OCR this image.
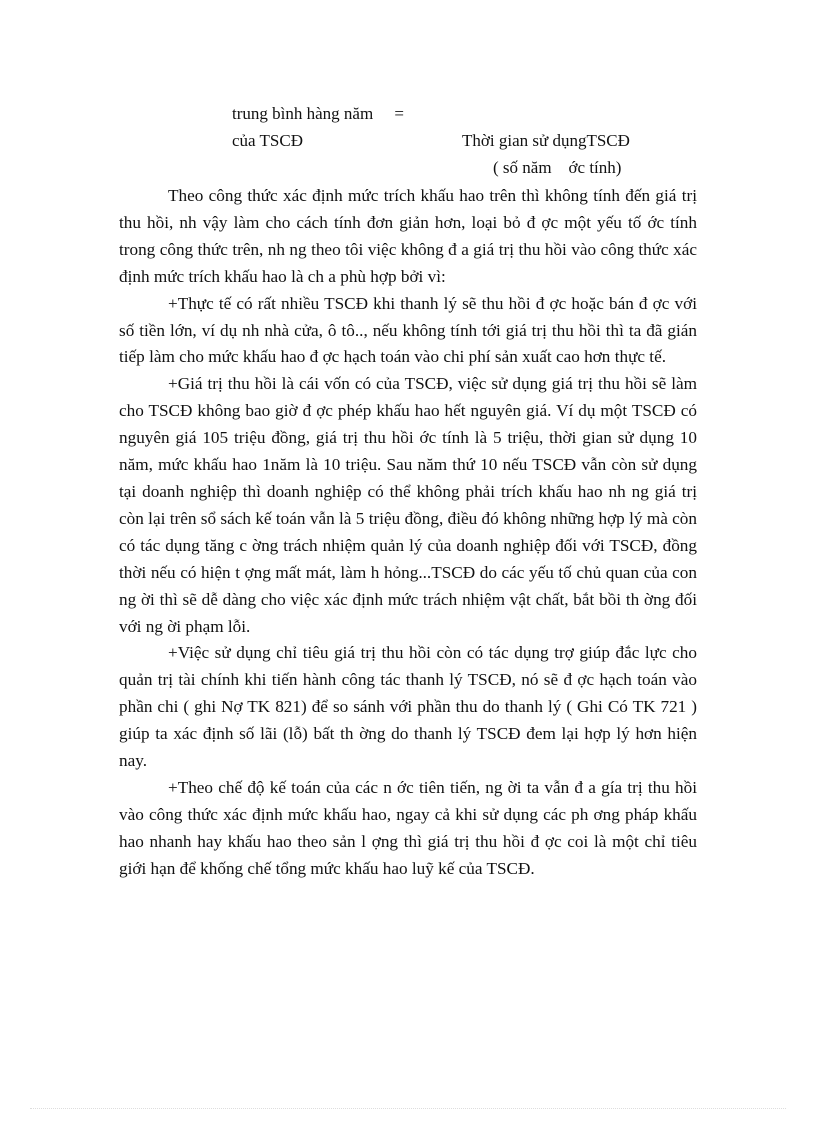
trung bình hàng năm     =
của TSCĐ	Thời gian sử dụngTSCĐ
( số năm    ớc tính)

Theo công thức xác định mức trích khấu hao trên thì không tính đến giá trị thu hồi, nh vậy làm cho cách tính đơn giản hơn, loại bỏ đ ợc một yếu tố ớc tính trong công thức trên, nh ng theo tôi việc không đ a giá trị thu hồi vào công thức xác định mức trích khấu hao là ch a phù hợp bởi vì:

+Thực tế có rất nhiều TSCĐ khi thanh lý sẽ thu hồi đ ợc hoặc bán đ ợc với số tiền lớn, ví dụ nh nhà cửa, ô tô.., nếu không tính tới giá trị thu hồi thì ta đã gián tiếp làm cho mức khấu hao đ ợc hạch toán vào chi phí sản xuất cao hơn thực tế.

+Giá trị thu hồi là cái vốn có của TSCĐ, việc sử dụng giá trị thu hồi sẽ làm cho TSCĐ không bao giờ đ ợc phép khấu hao hết nguyên giá. Ví dụ một TSCĐ có nguyên giá 105 triệu đồng, giá trị thu hồi ớc tính là 5 triệu, thời gian sử dụng 10 năm, mức khấu hao 1năm là 10 triệu. Sau năm thứ 10 nếu TSCĐ vẫn còn sử dụng tại doanh nghiệp thì doanh nghiệp có thể không phải trích khấu hao nh ng giá trị còn lại trên sổ sách kế toán vẫn là 5 triệu đồng, điều đó không những hợp lý mà còn có tác dụng tăng c ờng trách nhiệm quản lý của doanh nghiệp đối với TSCĐ, đồng thời nếu có hiện t ợng mất mát, làm h hỏng...TSCĐ do các yếu tố chủ quan của con ng ời thì sẽ dễ dàng cho việc xác định mức trách nhiệm vật chất, bắt bồi th ờng đối với ng ời phạm lỗi.

+Việc sử dụng chỉ tiêu giá trị thu hồi còn có tác dụng trợ giúp đắc lực cho quản trị tài chính khi tiến hành công tác thanh lý TSCĐ, nó sẽ đ ợc hạch toán vào phần chi ( ghi Nợ TK 821) để so sánh với phần thu do thanh lý ( Ghi Có TK 721 ) giúp ta xác định số lãi (lỗ) bất th ờng do thanh lý TSCĐ đem lại hợp lý hơn hiện nay.

+Theo chế độ kế toán của các n ớc tiên tiến, ng ời ta vẫn đ a gía trị thu hồi vào công thức xác định mức khấu hao, ngay cả khi sử dụng các ph ơng pháp khấu hao nhanh hay khấu hao theo sản l ợng thì giá trị thu hồi đ ợc coi là một chỉ tiêu giới hạn để khống chế tổng mức khấu hao luỹ kế của TSCĐ.
